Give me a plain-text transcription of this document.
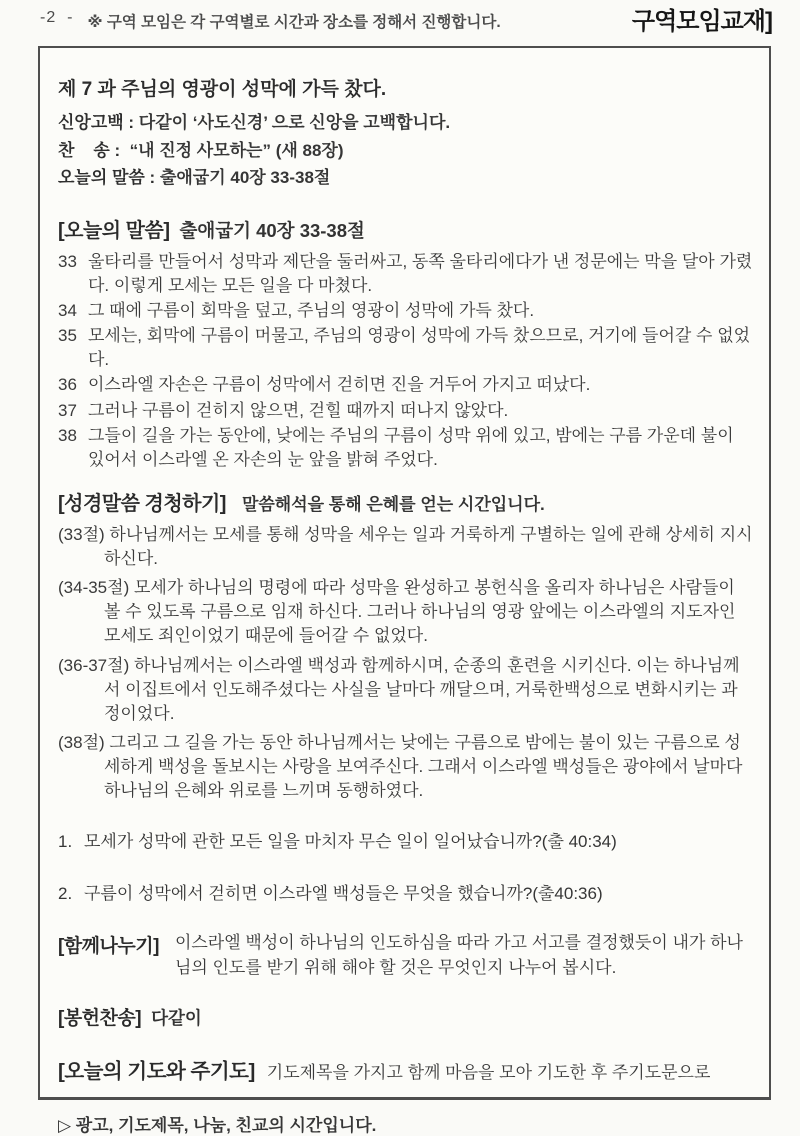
-2  - ※ 구역 모임은 각 구역별로 시간과 장소를 정해서 진행합니다.	구역모임교재]
제 7 과 주님의 영광이 성막에 가득 찼다.
신앙고백 : 다같이 ‘사도신경’ 으로 신앙을 고백합니다.
찬    송 :  “내 진정 사모하는” (새 88장)
오늘의 말씀 : 출애굽기 40장 33-38절
[오늘의 말씀] 출애굽기 40장 33-38절

33 울타리를 만들어서 성막과 제단을 둘러싸고, 동쪽 울타리에다가 낸 정문에는 막을 달아 가렸다. 이렇게 모세는 모든 일을 다 마쳤다.

34 그 때에 구름이 회막을 덮고, 주님의 영광이 성막에 가득 찼다.

35 모세는, 회막에 구름이 머물고, 주님의 영광이 성막에 가득 찼으므로, 거기에 들어갈 수 없었다.

36 이스라엘 자손은 구름이 성막에서 걷히면 진을 거두어 가지고 떠났다.

37 그러나 구름이 걷히지 않으면, 걷힐 때까지 떠나지 않았다.

38 그들이 길을 가는 동안에, 낮에는 주님의 구름이 성막 위에 있고, 밤에는 구름 가운데 불이 있어서 이스라엘 온 자손의 눈 앞을 밝혀 주었다.

[성경말씀 경청하기] 말씀해석을 통해 은혜를 얻는 시간입니다.

(33절) 하나님께서는 모세를 통해 성막을 세우는 일과 거룩하게 구별하는 일에 관해 상세히 지시하신다.

(34-35절) 모세가 하나님의 명령에 따라 성막을 완성하고 봉헌식을 올리자 하나님은 사람들이 볼 수 있도록 구름으로 임재 하신다. 그러나 하나님의 영광 앞에는 이스라엘의 지도자인 모세도 죄인이었기 때문에 들어갈 수 없었다.

(36-37절) 하나님께서는 이스라엘 백성과 함께하시며, 순종의 훈련을 시키신다. 이는 하나님께서 이집트에서 인도해주셨다는 사실을 날마다 깨달으며, 거룩한백성으로 변화시키는 과정이었다.

(38절) 그리고 그 길을 가는 동안 하나님께서는 낮에는 구름으로 밤에는 불이 있는 구름으로 성세하게 백성을 돌보시는 사랑을 보여주신다. 그래서 이스라엘 백성들은 광야에서 날마다 하나님의 은혜와 위로를 느끼며 동행하였다.

1. 모세가 성막에 관한 모든 일을 마치자 무슨 일이 일어났습니까?(출 40:34)

2. 구름이 성막에서 걷히면 이스라엘 백성들은 무엇을 했습니까?(출40:36)

[함께나누기] 이스라엘 백성이 하나님의 인도하심을 따라 가고 서고를 결정했듯이 내가 하나님의 인도를 받기 위해 해야 할 것은 무엇인지 나누어 봅시다.
[봉헌찬송] 다같이
[오늘의 기도와 주기도] 기도제목을 가지고 함께 마음을 모아 기도한 후 주기도문으로
▷ 광고, 기도제목, 나눔, 친교의 시간입니다.
